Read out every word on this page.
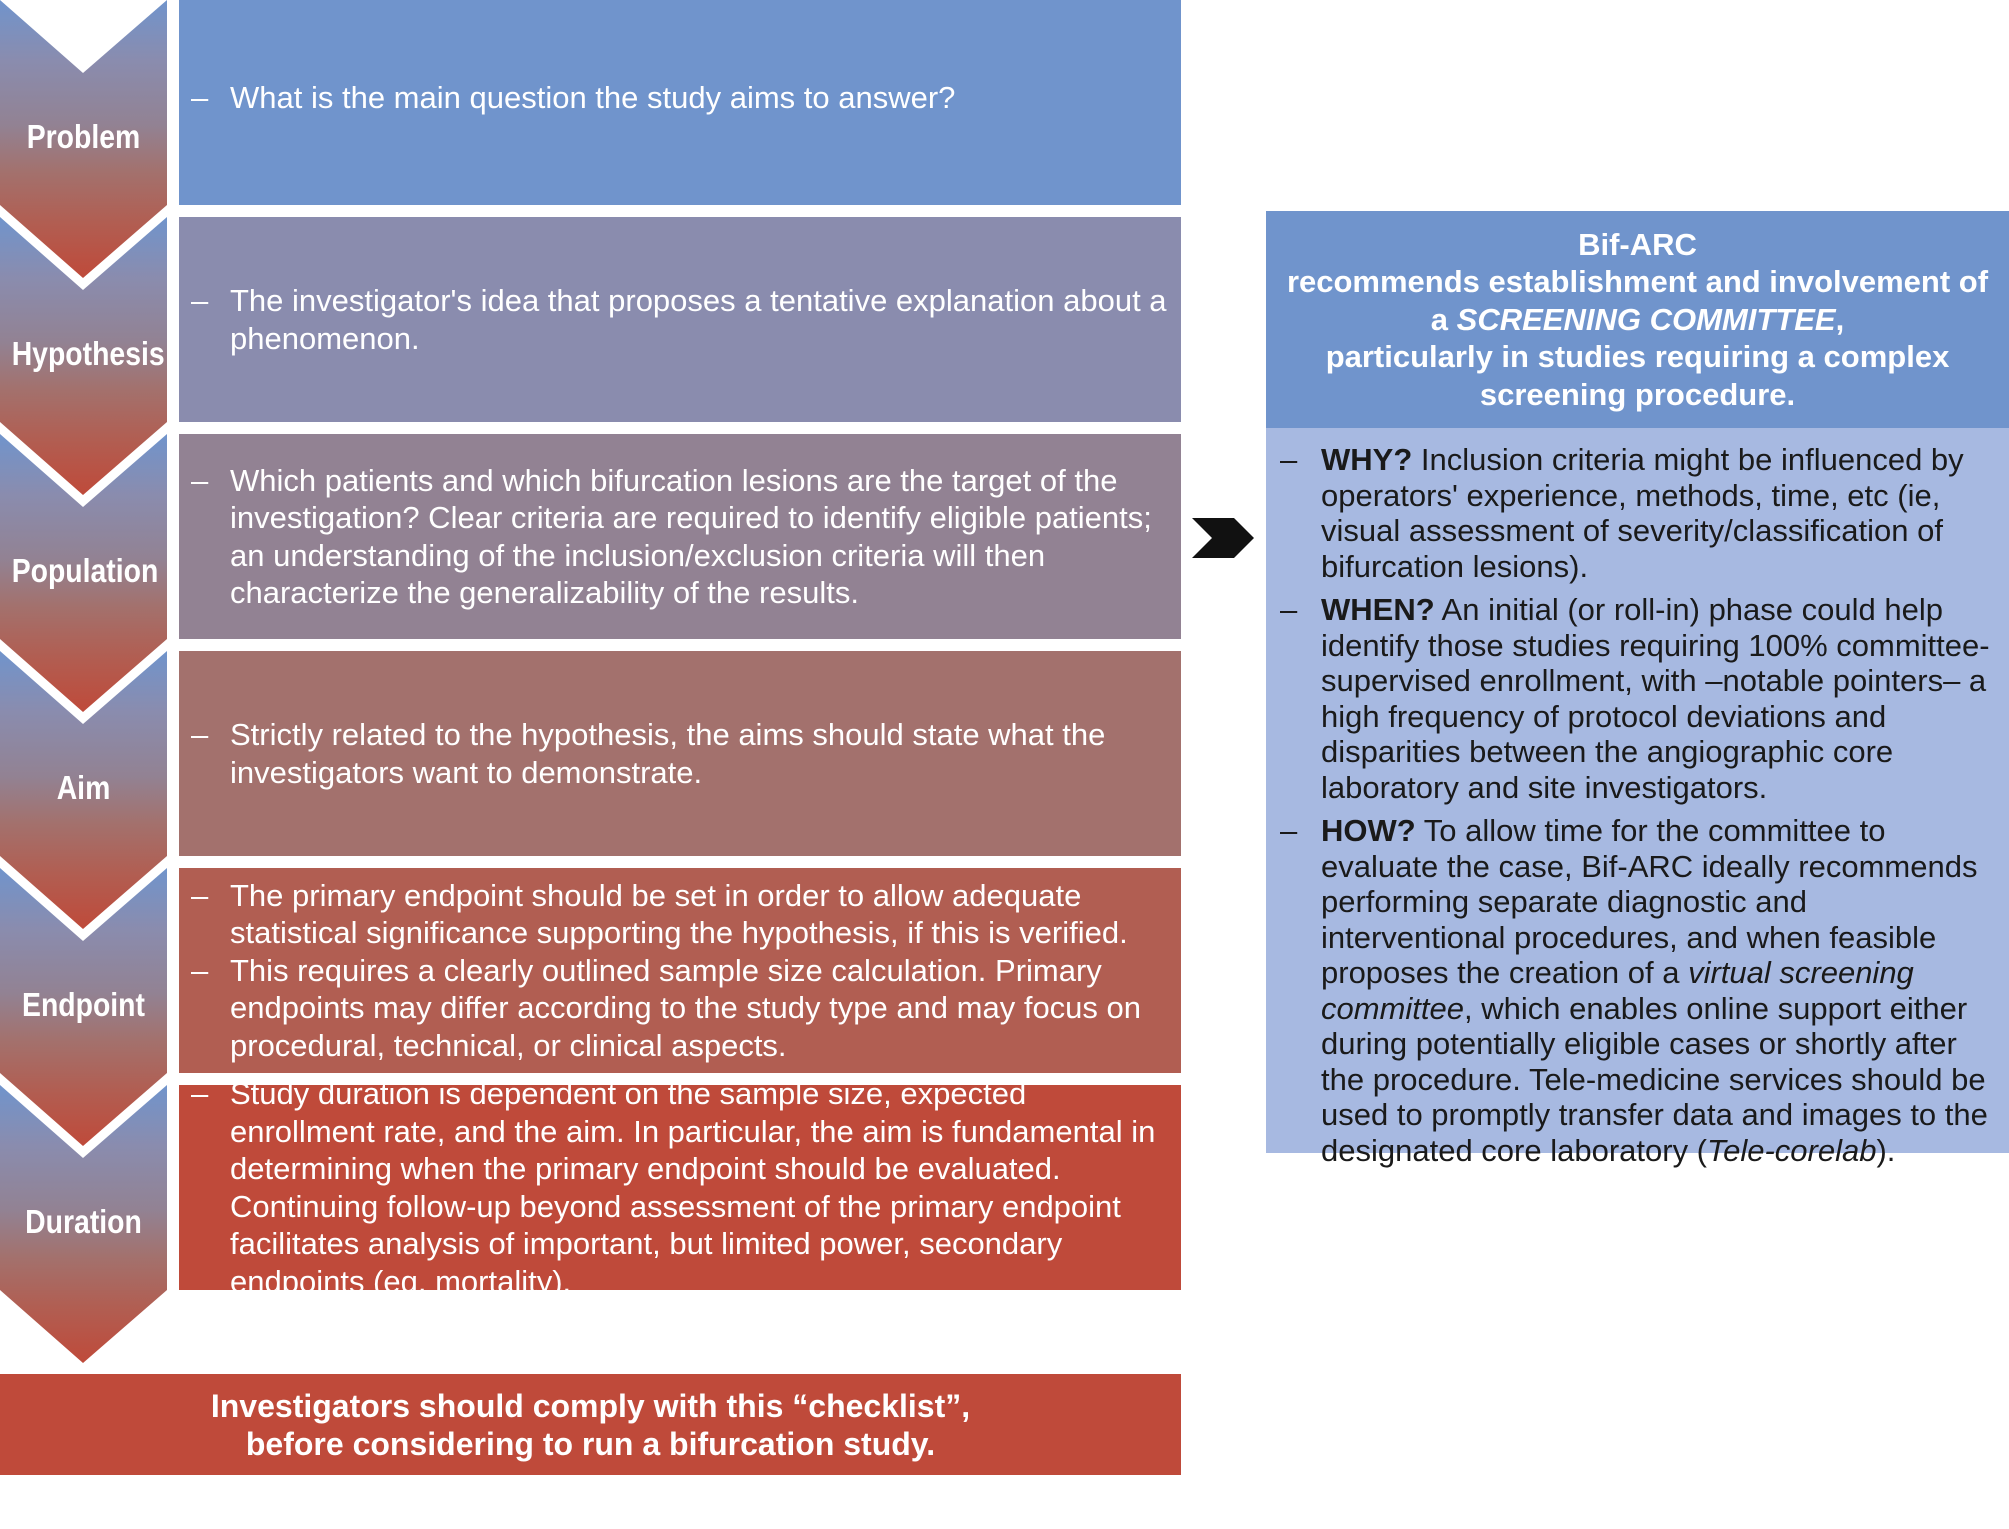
Problem
Hypothesis
Population
Aim
Endpoint
Duration
– What is the main question the study aims to answer?
– The investigator's idea that proposes a tentative explanation about a phenomenon.
– Which patients and which bifurcation lesions are the target of the investigation? Clear criteria are required to identify eligible patients; an understanding of the inclusion/exclusion criteria will then characterize the generalizability of the results.
– Strictly related to the hypothesis, the aims should state what the investigators want to demonstrate.
– The primary endpoint should be set in order to allow adequate statistical significance supporting the hypothesis, if this is verified.
– This requires a clearly outlined sample size calculation. Primary endpoints may differ according to the study type and may focus on procedural, technical, or clinical aspects.
– Study duration is dependent on the sample size, expected enrollment rate, and the aim. In particular, the aim is fundamental in determining when the primary endpoint should be evaluated. Continuing follow-up beyond assessment of the primary endpoint facilitates analysis of important, but limited power, secondary endpoints (eg, mortality).
Investigators should comply with this “checklist”,
before considering to run a bifurcation study.
Bif-ARC
recommends establishment and involvement of
a SCREENING COMMITTEE,
particularly in studies requiring a complex
screening procedure.
– WHY? Inclusion criteria might be influenced by operators' experience, methods, time, etc (ie, visual assessment of severity/classification of bifurcation lesions).
– WHEN? An initial (or roll-in) phase could help identify those studies requiring 100% committee-supervised enrollment, with –notable pointers– a high frequency of protocol deviations and disparities between the angiographic core laboratory and site investigators.
– HOW? To allow time for the committee to evaluate the case, Bif-ARC ideally recommends performing separate diagnostic and interventional procedures, and when feasible proposes the creation of a virtual screening committee, which enables online support either during potentially eligible cases or shortly after the procedure. Tele-medicine services should be used to promptly transfer data and images to the designated core laboratory (Tele-corelab).
